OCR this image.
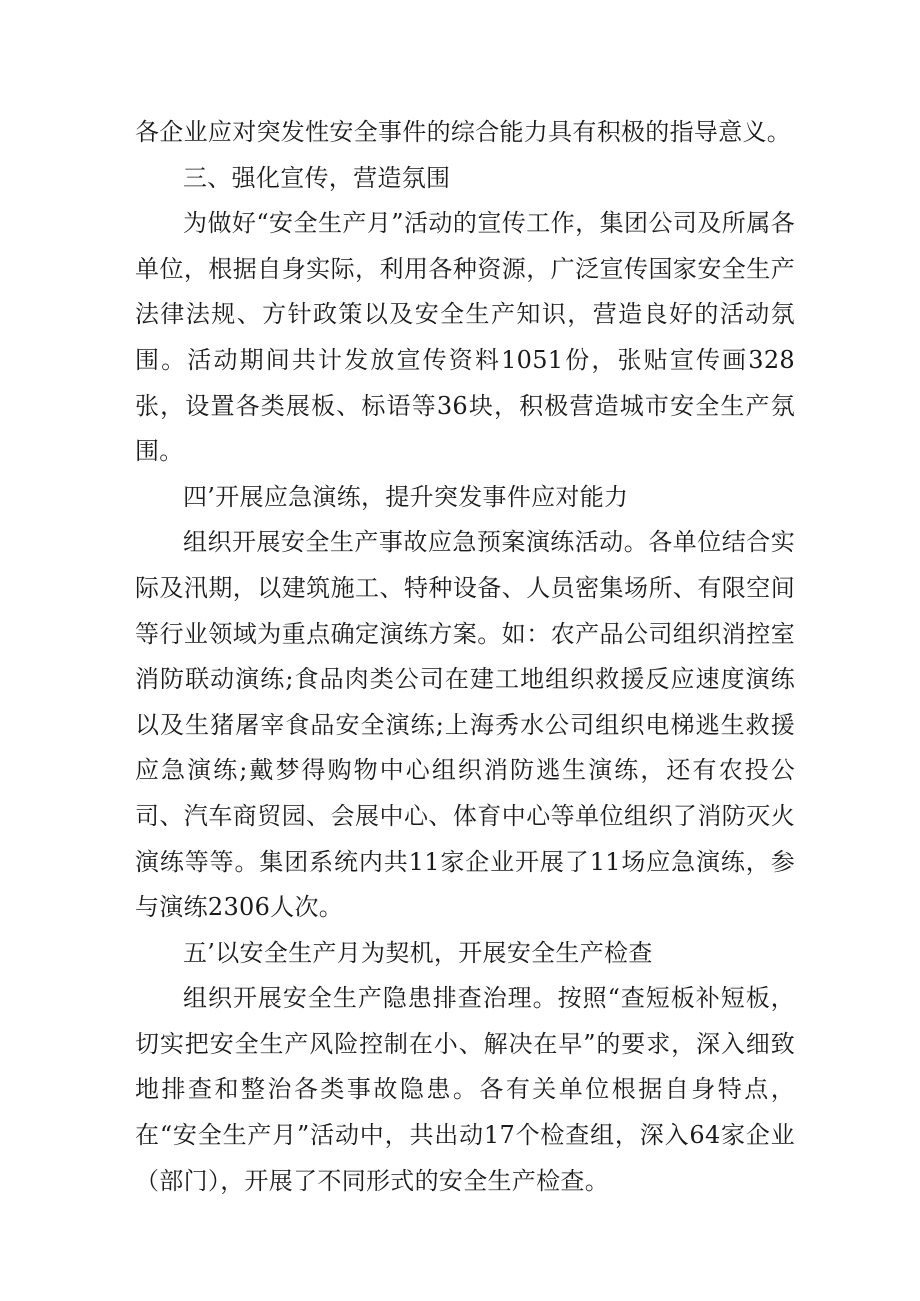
各企业应对突发性安全事件的综合能力具有积极的指导意义。

三、强化宣传，营造氛围

为做好“安全生产月”活动的宣传工作，集团公司及所属各单位，根据自身实际，利用各种资源，广泛宣传国家安全生产法律法规、方针政策以及安全生产知识，营造良好的活动氛围。活动期间共计发放宣传资料1051份，张贴宣传画328张，设置各类展板、标语等36块，积极营造城市安全生产氛围。

四’开展应急演练，提升突发事件应对能力

组织开展安全生产事故应急预案演练活动。各单位结合实际及汛期，以建筑施工、特种设备、人员密集场所、有限空间等行业领域为重点确定演练方案。如：农产品公司组织消控室消防联动演练;食品肉类公司在建工地组织救援反应速度演练以及生猪屠宰食品安全演练;上海秀水公司组织电梯逃生救援应急演练;戴梦得购物中心组织消防逃生演练，还有农投公司、汽车商贸园、会展中心、体育中心等单位组织了消防灭火演练等等。集团系统内共11家企业开展了11场应急演练，参与演练2306人次。

五’以安全生产月为契机，开展安全生产检查

组织开展安全生产隐患排查治理。按照“查短板补短板，切实把安全生产风险控制在小、解决在早”的要求，深入细致地排查和整治各类事故隐患。各有关单位根据自身特点，在“安全生产月”活动中，共出动17个检查组，深入64家企业（部门），开展了不同形式的安全生产检查。
